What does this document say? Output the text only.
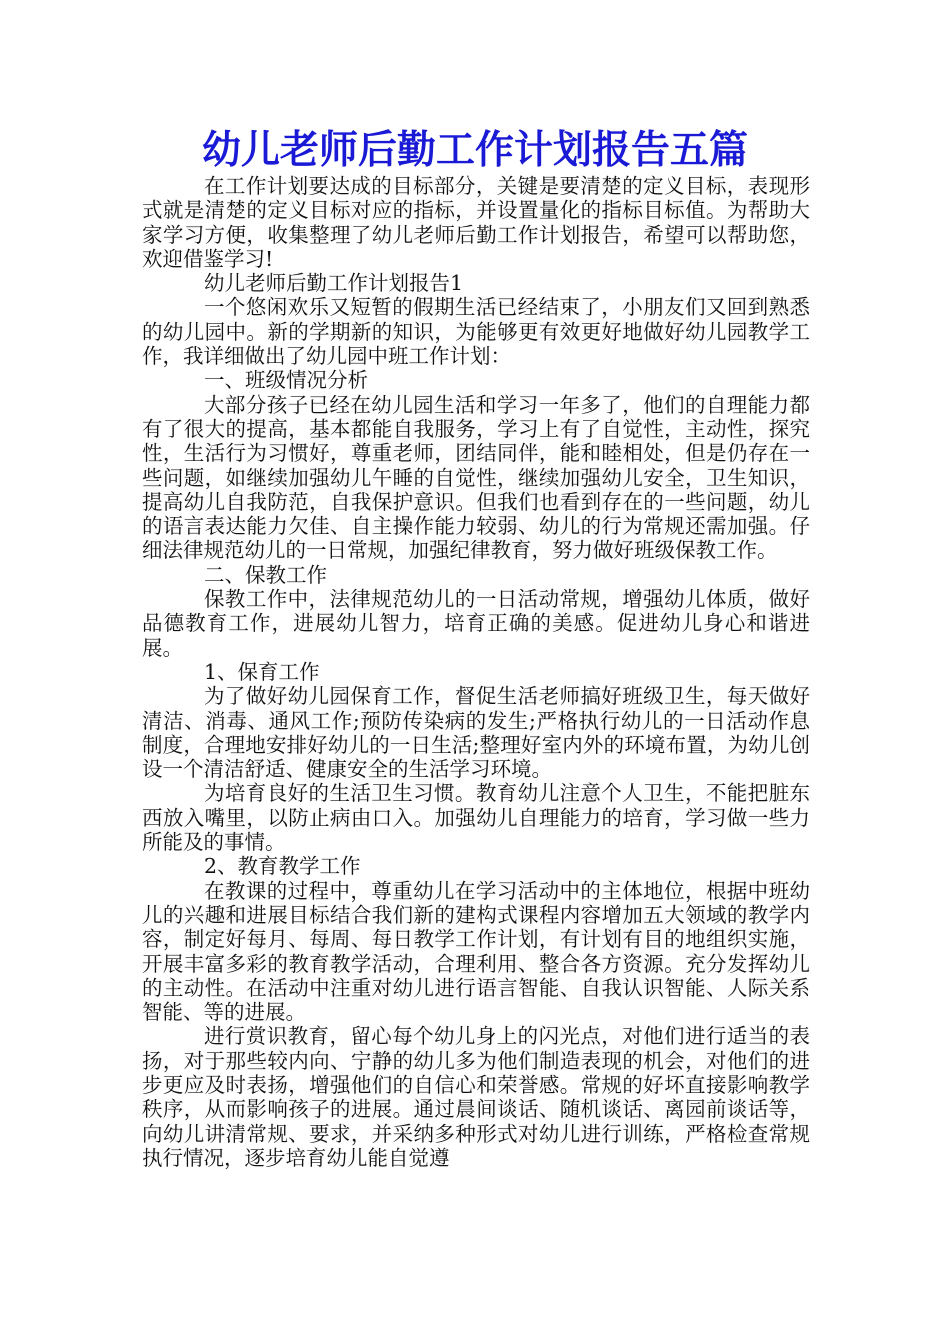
幼儿老师后勤工作计划报告五篇

在工作计划要达成的目标部分，关键是要清楚的定义目标，表现形式就是清楚的定义目标对应的指标，并设置量化的指标目标值。为帮助大家学习方便，收集整理了幼儿老师后勤工作计划报告，希望可以帮助您，欢迎借鉴学习!

幼儿老师后勤工作计划报告1

一个悠闲欢乐又短暂的假期生活已经结束了，小朋友们又回到熟悉的幼儿园中。新的学期新的知识，为能够更有效更好地做好幼儿园教学工作，我详细做出了幼儿园中班工作计划：

一、班级情况分析

大部分孩子已经在幼儿园生活和学习一年多了，他们的自理能力都有了很大的提高，基本都能自我服务，学习上有了自觉性，主动性，探究性，生活行为习惯好，尊重老师，团结同伴，能和睦相处，但是仍存在一些问题，如继续加强幼儿午睡的自觉性，继续加强幼儿安全，卫生知识，提高幼儿自我防范，自我保护意识。但我们也看到存在的一些问题，幼儿的语言表达能力欠佳、自主操作能力较弱、幼儿的行为常规还需加强。仔细法律规范幼儿的一日常规，加强纪律教育，努力做好班级保教工作。

二、保教工作

保教工作中，法律规范幼儿的一日活动常规，增强幼儿体质，做好品德教育工作，进展幼儿智力，培育正确的美感。促进幼儿身心和谐进展。

1、保育工作

为了做好幼儿园保育工作，督促生活老师搞好班级卫生，每天做好清洁、消毒、通风工作;预防传染病的发生;严格执行幼儿的一日活动作息制度，合理地安排好幼儿的一日生活;整理好室内外的环境布置，为幼儿创设一个清洁舒适、健康安全的生活学习环境。

为培育良好的生活卫生习惯。教育幼儿注意个人卫生，不能把脏东西放入嘴里，以防止病由口入。加强幼儿自理能力的培育，学习做一些力所能及的事情。

2、教育教学工作

在教课的过程中，尊重幼儿在学习活动中的主体地位，根据中班幼儿的兴趣和进展目标结合我们新的建构式课程内容增加五大领域的教学内容，制定好每月、每周、每日教学工作计划，有计划有目的地组织实施，开展丰富多彩的教育教学活动，合理利用、整合各方资源。充分发挥幼儿的主动性。在活动中注重对幼儿进行语言智能、自我认识智能、人际关系智能、等的进展。

进行赏识教育，留心每个幼儿身上的闪光点，对他们进行适当的表扬，对于那些较内向、宁静的幼儿多为他们制造表现的机会，对他们的进步更应及时表扬，增强他们的自信心和荣誉感。常规的好坏直接影响教学秩序，从而影响孩子的进展。通过晨间谈话、随机谈话、离园前谈话等，向幼儿讲清常规、要求，并采纳多种形式对幼儿进行训练，严格检查常规执行情况，逐步培育幼儿能自觉遵
